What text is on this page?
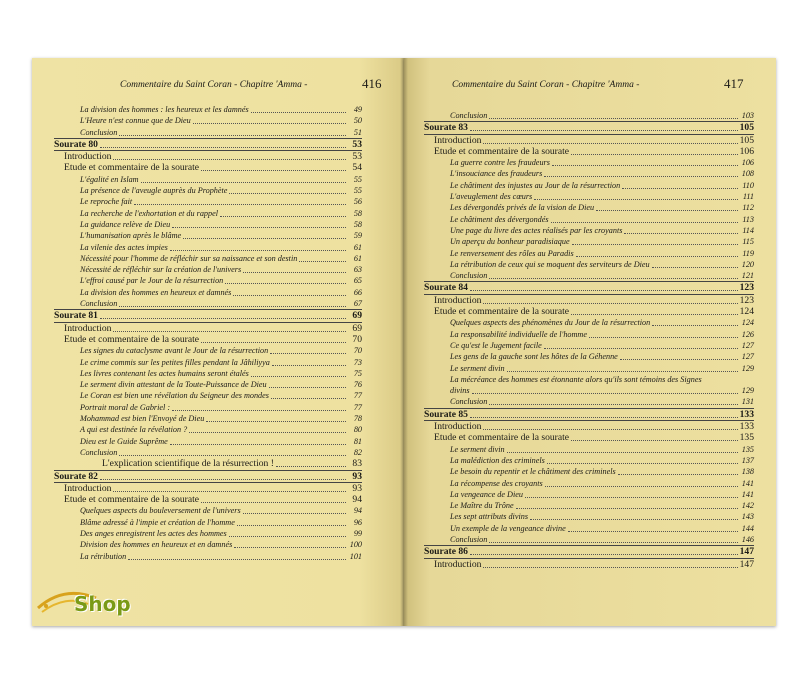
Commentaire du Saint Coran - Chapitre 'Amma -	416
La division des hommes : les heureux et les damnés	49
L'Heure n'est connue que de Dieu	50
Conclusion	51
Sourate 80	53
Introduction	53
Etude et commentaire de la sourate	54
L'égalité en Islam	55
La présence de l'aveugle auprès du Prophète	55
Le reproche fait	56
La recherche de l'exhortation et du rappel	58
La guidance relève de Dieu	58
L'humanisation après le blâme	59
La vilenie des actes impies	61
Nécessité pour l'homme de réfléchir sur sa naissance et son destin	61
Nécessité de réfléchir sur la création de l'univers	63
L'effroi causé par le Jour de la résurrection	65
La division des hommes en heureux et damnés	66
Conclusion	67
Sourate 81	69
Introduction	69
Etude et commentaire de la sourate	70
Les signes du cataclysme avant le Jour de la résurrection	70
Le crime commis sur les petites filles pendant la Jâhiliyya	73
Les livres contenant les actes humains seront étalés	75
Le serment divin attestant de la Toute-Puissance de Dieu	76
Le Coran est bien une révélation du Seigneur des mondes	77
Portrait moral de Gabriel :	77
Mohammad est bien l'Envoyé de Dieu	78
A qui est destinée la révélation ?	80
Dieu est le Guide Suprême	81
Conclusion	82
L'explication scientifique de la résurrection !	83
Sourate 82	93
Introduction	93
Etude et commentaire de la sourate	94
Quelques aspects du bouleversement de l'univers	94
Blâme adressé à l'impie et création de l'homme	96
Des anges enregistrent les actes des hommes	99
Division des hommes en heureux et en damnés	100
La rétribution	101
Commentaire du Saint Coran - Chapitre 'Amma -	417
Conclusion	103
Sourate 83	105
Introduction	105
Etude et commentaire de la sourate	106
La guerre contre les fraudeurs	106
L'insouciance des fraudeurs	108
Le châtiment des injustes au Jour de la résurrection	110
L'aveuglement des cœurs	111
Les dévergondés privés de la vision de Dieu	112
Le châtiment des dévergondés	113
Une page du livre des actes réalisés par les croyants	114
Un aperçu du bonheur paradisiaque	115
Le renversement des rôles au Paradis	119
La rétribution de ceux qui se moquent des serviteurs de Dieu	120
Conclusion	121
Sourate 84	123
Introduction	123
Etude et commentaire de la sourate	124
Quelques aspects des phénomènes du Jour de la résurrection	124
La responsabilité individuelle de l'homme	126
Ce qu'est le Jugement facile	127
Les gens de la gauche sont les hôtes de la Géhenne	127
Le serment divin	129
La mécréance des hommes est étonnante alors qu'ils sont témoins des Signes
divins	129
Conclusion	131
Sourate 85	133
Introduction	133
Etude et commentaire de la sourate	135
Le serment divin	135
La malédiction des criminels	137
Le besoin du repentir et le châtiment des criminels	138
La récompense des croyants	141
La vengeance de Dieu	141
Le Maître du Trône	142
Les sept attributs divins	143
Un exemple de la vengeance divine	144
Conclusion	146
Sourate 86	147
Introduction	147
Shop
